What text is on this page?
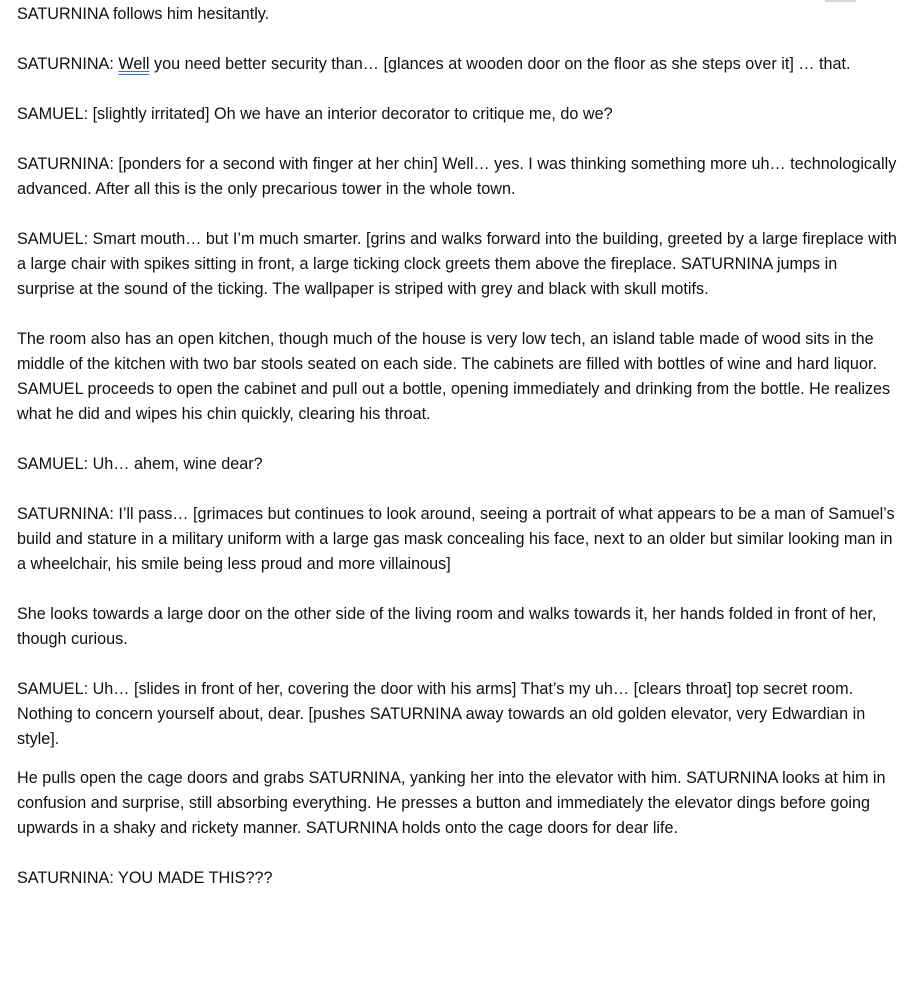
SATURNINA follows him hesitantly.

SATURNINA: Well you need better security than… [glances at wooden door on the floor as she steps over it] … that.

SAMUEL: [slightly irritated] Oh we have an interior decorator to critique me, do we?

SATURNINA: [ponders for a second with finger at her chin] Well… yes. I was thinking something more uh… technologically advanced. After all this is the only precarious tower in the whole town.

SAMUEL: Smart mouth… but I’m much smarter. [grins and walks forward into the building, greeted by a large fireplace with a large chair with spikes sitting in front, a large ticking clock greets them above the fireplace. SATURNINA jumps in surprise at the sound of the ticking. The wallpaper is striped with grey and black with skull motifs.

The room also has an open kitchen, though much of the house is very low tech, an island table made of wood sits in the middle of the kitchen with two bar stools seated on each side. The cabinets are filled with bottles of wine and hard liquor. SAMUEL proceeds to open the cabinet and pull out a bottle, opening immediately and drinking from the bottle. He realizes what he did and wipes his chin quickly, clearing his throat.

SAMUEL: Uh… ahem, wine dear?

SATURNINA: I’ll pass… [grimaces but continues to look around, seeing a portrait of what appears to be a man of Samuel’s build and stature in a military uniform with a large gas mask concealing his face, next to an older but similar looking man in a wheelchair, his smile being less proud and more villainous]

She looks towards a large door on the other side of the living room and walks towards it, her hands folded in front of her, though curious.

SAMUEL: Uh… [slides in front of her, covering the door with his arms] That’s my uh… [clears throat] top secret room. Nothing to concern yourself about, dear. [pushes SATURNINA away towards an old golden elevator, very Edwardian in style].

He pulls open the cage doors and grabs SATURNINA, yanking her into the elevator with him. SATURNINA looks at him in confusion and surprise, still absorbing everything. He presses a button and immediately the elevator dings before going upwards in a shaky and rickety manner. SATURNINA holds onto the cage doors for dear life.

SATURNINA: YOU MADE THIS???
